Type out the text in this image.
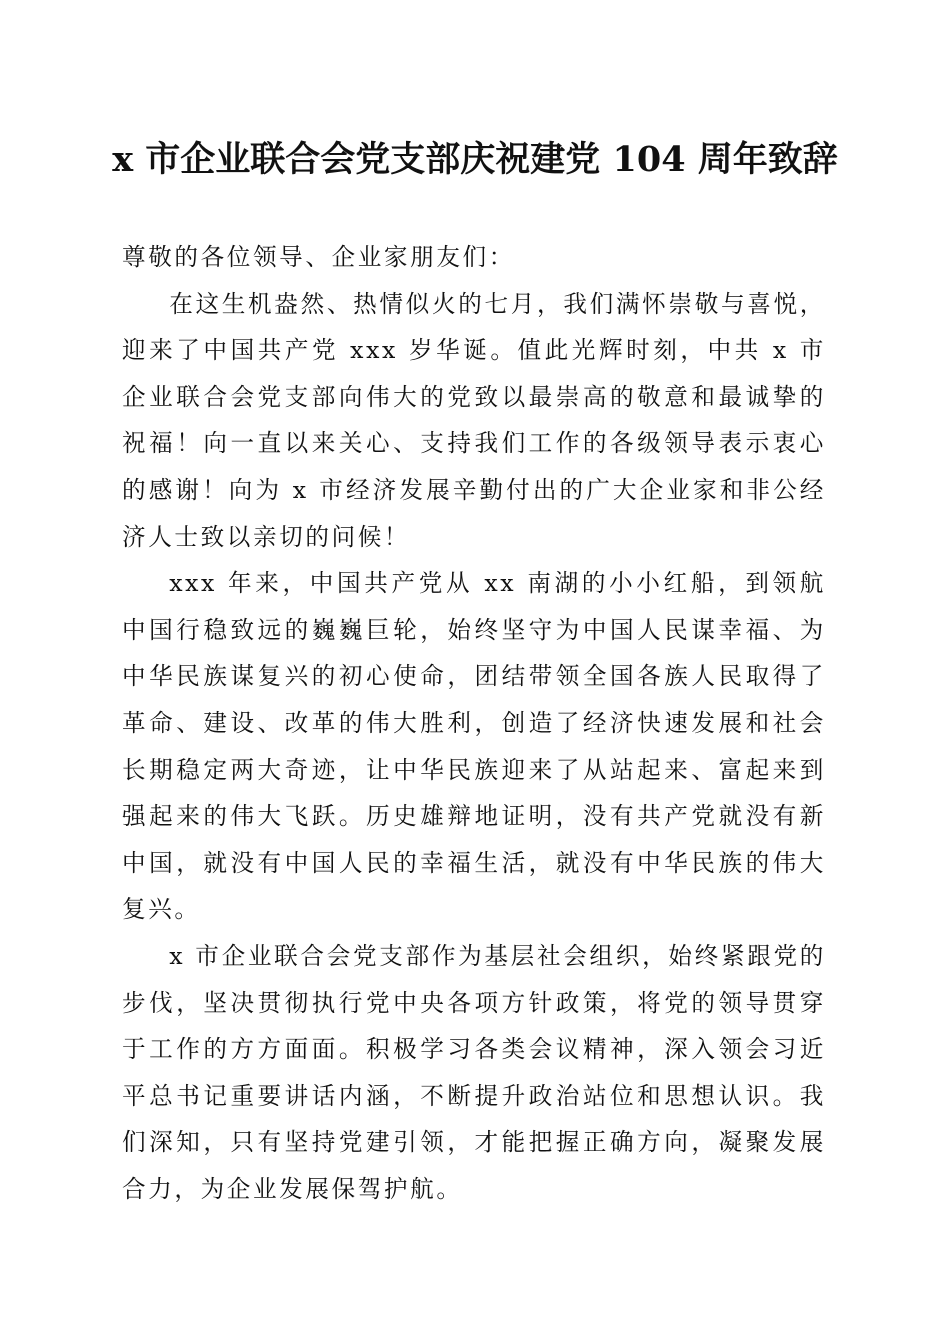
x 市企业联合会党支部庆祝建党 104 周年致辞

尊敬的各位领导、企业家朋友们：

在这生机盎然、热情似火的七月，我们满怀崇敬与喜悦，迎来了中国共产党 xxx 岁华诞。值此光辉时刻，中共 x 市企业联合会党支部向伟大的党致以最崇高的敬意和最诚挚的祝福！向一直以来关心、支持我们工作的各级领导表示衷心的感谢！向为 x 市经济发展辛勤付出的广大企业家和非公经济人士致以亲切的问候！

xxx 年来，中国共产党从 xx 南湖的小小红船，到领航中国行稳致远的巍巍巨轮，始终坚守为中国人民谋幸福、为中华民族谋复兴的初心使命，团结带领全国各族人民取得了革命、建设、改革的伟大胜利，创造了经济快速发展和社会长期稳定两大奇迹，让中华民族迎来了从站起来、富起来到强起来的伟大飞跃。历史雄辩地证明，没有共产党就没有新中国，就没有中国人民的幸福生活，就没有中华民族的伟大复兴。

x 市企业联合会党支部作为基层社会组织，始终紧跟党的步伐，坚决贯彻执行党中央各项方针政策，将党的领导贯穿于工作的方方面面。积极学习各类会议精神，深入领会习近平总书记重要讲话内涵，不断提升政治站位和思想认识。我们深知，只有坚持党建引领，才能把握正确方向，凝聚发展合力，为企业发展保驾护航。
